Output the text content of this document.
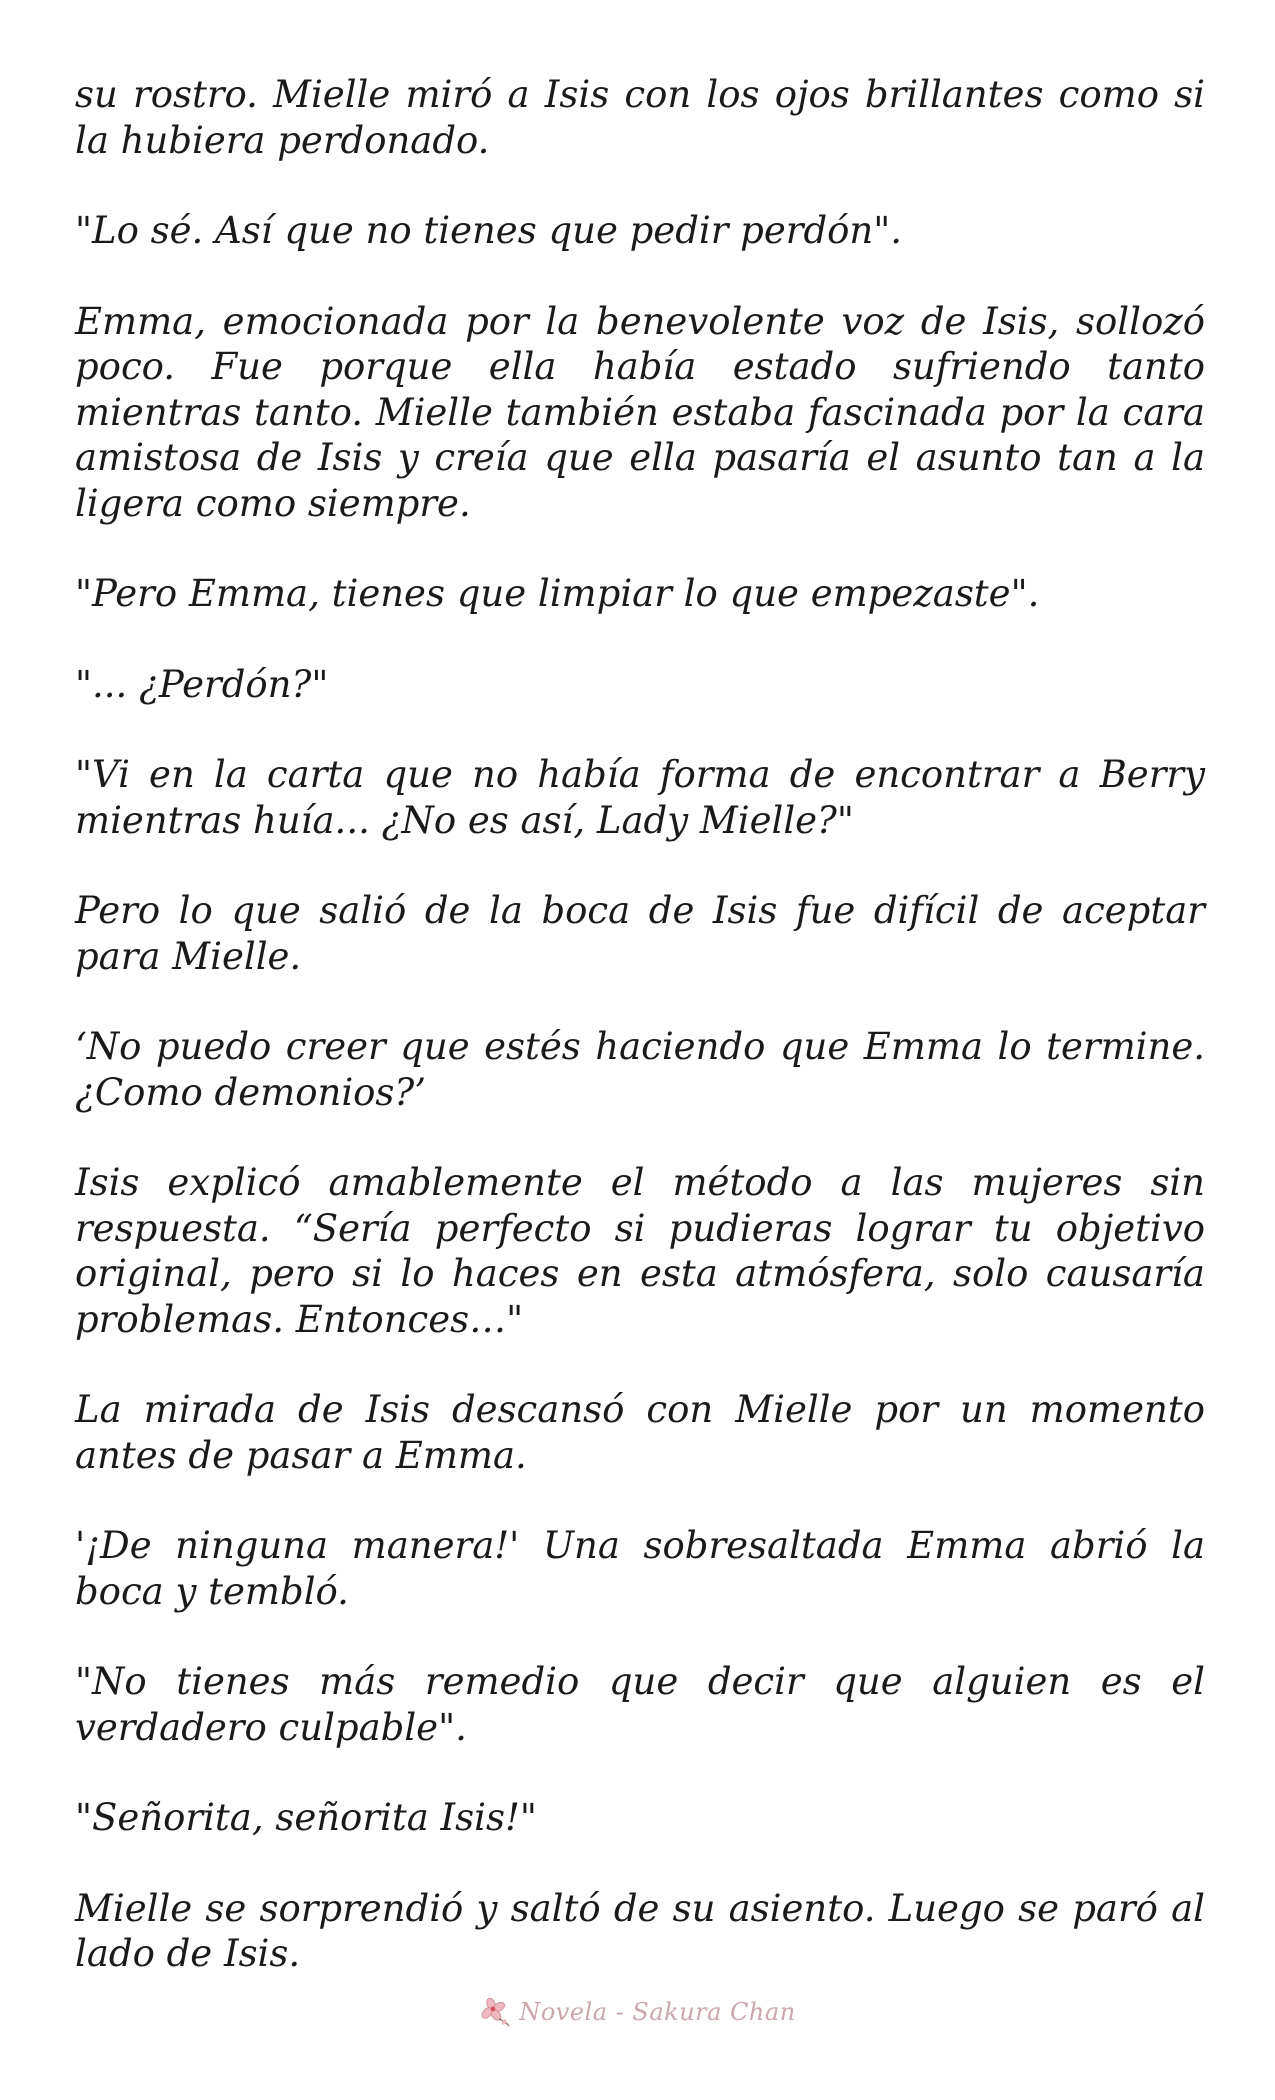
su rostro. Mielle miró a Isis con los ojos brillantes como si la hubiera perdonado.

"Lo sé. Así que no tienes que pedir perdón".

Emma, emocionada por la benevolente voz de Isis, sollozó poco. Fue porque ella había estado sufriendo tanto mientras tanto. Mielle también estaba fascinada por la cara amistosa de Isis y creía que ella pasaría el asunto tan a la ligera como siempre.

"Pero Emma, tienes que limpiar lo que empezaste".

"... ¿Perdón?"

"Vi en la carta que no había forma de encontrar a Berry mientras huía... ¿No es así, Lady Mielle?"

Pero lo que salió de la boca de Isis fue difícil de aceptar para Mielle.

‘No puedo creer que estés haciendo que Emma lo termine. ¿Como demonios?’

Isis explicó amablemente el método a las mujeres sin respuesta. “Sería perfecto si pudieras lograr tu objetivo original, pero si lo haces en esta atmósfera, solo causaría problemas. Entonces…"

La mirada de Isis descansó con Mielle por un momento antes de pasar a Emma.

'¡De ninguna manera!' Una sobresaltada Emma abrió la boca y tembló.

"No tienes más remedio que decir que alguien es el verdadero culpable".

"Señorita, señorita Isis!"

Mielle se sorprendió y saltó de su asiento. Luego se paró al lado de Isis.

Novela - Sakura Chan
